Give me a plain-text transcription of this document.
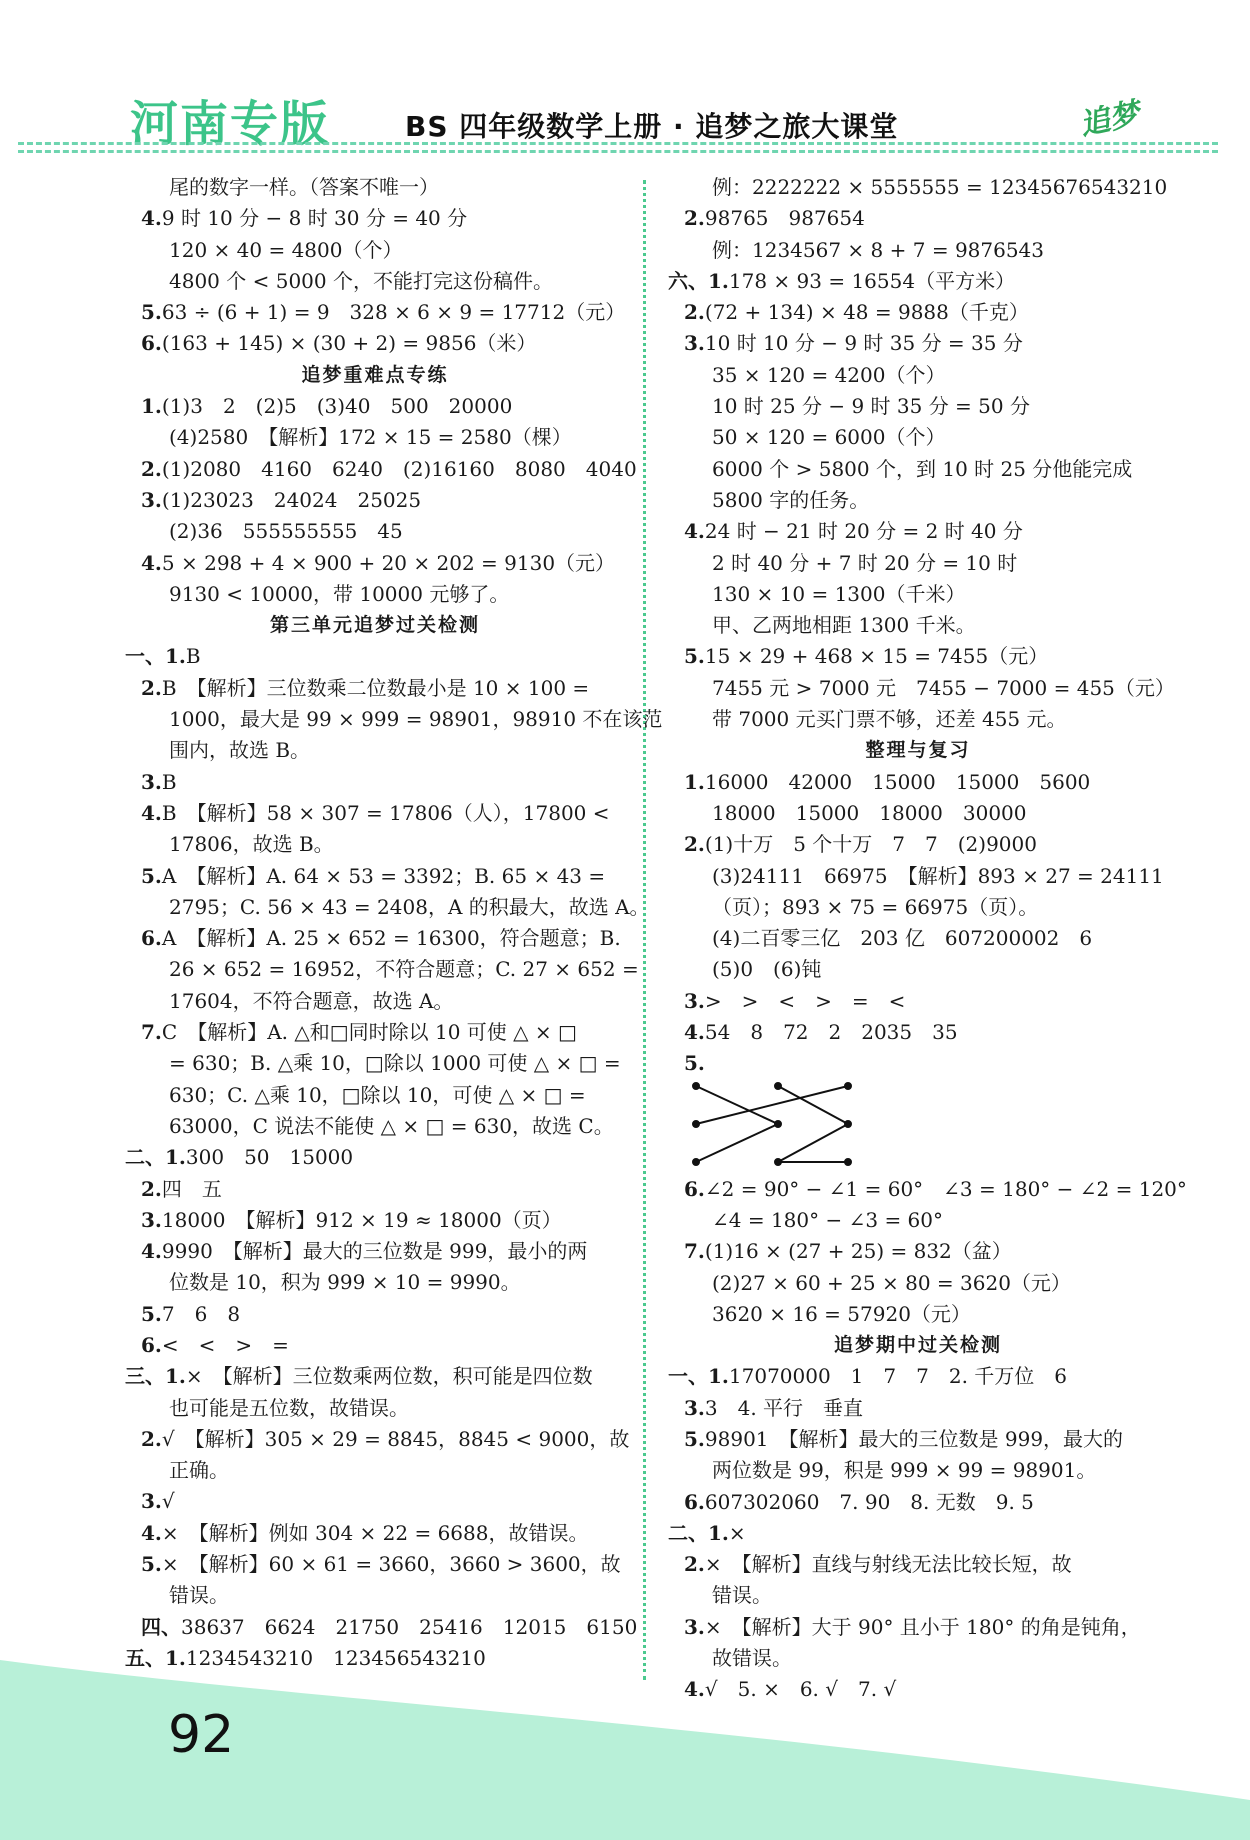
河南专版	BS 四年级数学上册 · 追梦之旅大课堂	追梦
尾的数字一样。（答案不唯一）
4.9 时 10 分 − 8 时 30 分 = 40 分
120 × 40 = 4800（个）
4800 个 < 5000 个，不能打完这份稿件。
5.63 ÷ (6 + 1) = 9　328 × 6 × 9 = 17712（元）
6.(163 + 145) × (30 + 2) = 9856（米）
追梦重难点专练
1.(1)3　2　(2)5　(3)40　500　20000
(4)2580　【解析】172 × 15 = 2580（棵）
2.(1)2080　4160　6240　(2)16160　8080　4040
3.(1)23023　24024　25025
(2)36　555555555　45
4.5 × 298 + 4 × 900 + 20 × 202 = 9130（元）
9130 < 10000，带 10000 元够了。
第三单元追梦过关检测
一、1.B
2.B　【解析】三位数乘二位数最小是 10 × 100 =
1000，最大是 99 × 999 = 98901，98910 不在该范
围内，故选 B。
3.B
4.B　【解析】58 × 307 = 17806（人），17800 <
17806，故选 B。
5.A　【解析】A. 64 × 53 = 3392；B. 65 × 43 =
2795；C. 56 × 43 = 2408，A 的积最大，故选 A。
6.A　【解析】A. 25 × 652 = 16300，符合题意；B.
26 × 652 = 16952，不符合题意；C. 27 × 652 =
17604，不符合题意，故选 A。
7.C　【解析】A. △和□同时除以 10 可使 △ × □
= 630；B. △乘 10，□除以 1000 可使 △ × □ =
630；C. △乘 10，□除以 10，可使 △ × □ =
63000，C 说法不能使 △ × □ = 630，故选 C。
二、1.300　50　15000
2.四　五
3.18000　【解析】912 × 19 ≈ 18000（页）
4.9990　【解析】最大的三位数是 999，最小的两
位数是 10，积为 999 × 10 = 9990。
5.7　6　8
6.<　<　>　=
三、1.×　【解析】三位数乘两位数，积可能是四位数
也可能是五位数，故错误。
2.√　【解析】305 × 29 = 8845，8845 < 9000，故
正确。
3.√
4.×　【解析】例如 304 × 22 = 6688，故错误。
5.×　【解析】60 × 61 = 3660，3660 > 3600，故
错误。
四、38637　6624　21750　25416　12015　6150
五、1.1234543210　123456543210
例：2222222 × 5555555 = 12345676543210
2.98765　987654
例：1234567 × 8 + 7 = 9876543
六、1.178 × 93 = 16554（平方米）
2.(72 + 134) × 48 = 9888（千克）
3.10 时 10 分 − 9 时 35 分 = 35 分
35 × 120 = 4200（个）
10 时 25 分 − 9 时 35 分 = 50 分
50 × 120 = 6000（个）
6000 个 > 5800 个，到 10 时 25 分他能完成
5800 字的任务。
4.24 时 − 21 时 20 分 = 2 时 40 分
2 时 40 分 + 7 时 20 分 = 10 时
130 × 10 = 1300（千米）
甲、乙两地相距 1300 千米。
5.15 × 29 + 468 × 15 = 7455（元）
7455 元 > 7000 元　7455 − 7000 = 455（元）
带 7000 元买门票不够，还差 455 元。
整理与复习
1.16000　42000　15000　15000　5600
18000　15000　18000　30000
2.(1)十万　5 个十万　7　7　(2)9000
(3)24111　66975　【解析】893 × 27 = 24111
（页）；893 × 75 = 66975（页）。
(4)二百零三亿　203 亿　607200002　6
(5)0　(6)钝
3.>　>　<　>　=　<
4.54　8　72　2　2035　35
5.
6.∠2 = 90° − ∠1 = 60°　∠3 = 180° − ∠2 = 120°
∠4 = 180° − ∠3 = 60°
7.(1)16 × (27 + 25) = 832（盆）
(2)27 × 60 + 25 × 80 = 3620（元）
3620 × 16 = 57920（元）
追梦期中过关检测
一、1.17070000　1　7　7　2. 千万位　6
3.3　4. 平行　垂直
5.98901　【解析】最大的三位数是 999，最大的
两位数是 99，积是 999 × 99 = 98901。
6.607302060　7. 90　8. 无数　9. 5
二、1.×
2.×　【解析】直线与射线无法比较长短，故
错误。
3.×　【解析】大于 90° 且小于 180° 的角是钝角，
故错误。
4.√　5. ×　6. √　7. √
92
